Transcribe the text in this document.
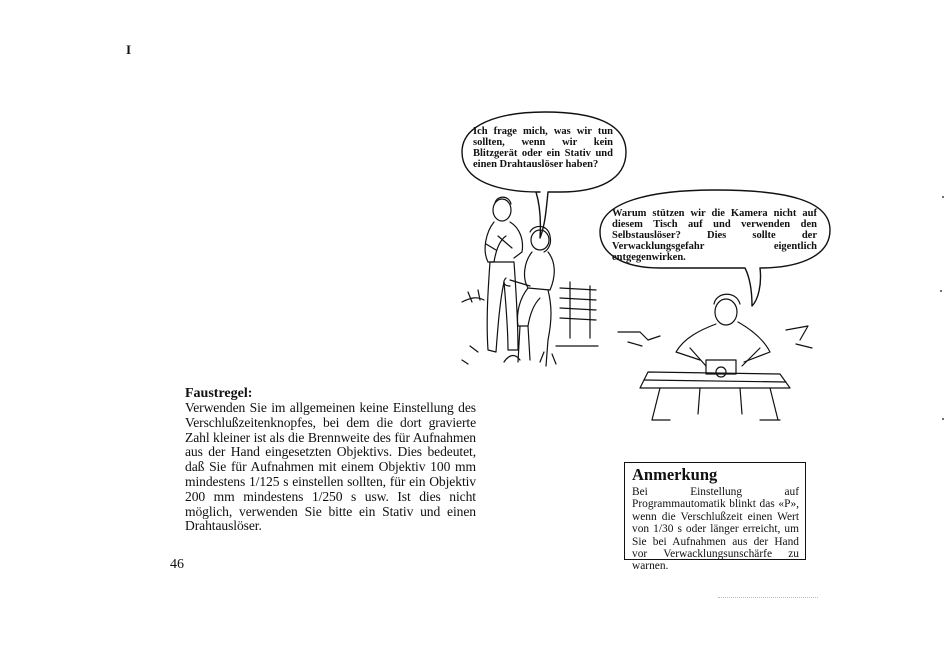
I
Ich frage mich, was wir tun sollten, wenn wir kein Blitzgerät oder ein Stativ und einen Drahtauslöser haben?
Warum stützen wir die Kamera nicht auf diesem Tisch auf und verwenden den Selbstauslöser? Dies sollte der Verwacklungsgefahr eigentlich entgegenwirken.
Faustregel:
Verwenden Sie im allgemeinen keine Einstellung des Verschlußzeitenknopfes, bei dem die dort gravierte Zahl kleiner ist als die Brennweite des für Aufnahmen aus der Hand eingesetzten Objektivs. Dies bedeutet, daß Sie für Aufnahmen mit einem Objektiv 100 mm mindestens 1/125 s einstellen sollten, für ein Objektiv 200 mm mindestens 1/250 s usw. Ist dies nicht möglich, verwenden Sie bitte ein Stativ und einen Drahtauslöser.
46
Anmerkung
Bei Einstellung auf Programmautomatik blinkt das «P», wenn die Verschlußzeit einen Wert von 1/30 s oder länger erreicht, um Sie bei Aufnahmen aus der Hand vor Verwacklungsunschärfe zu warnen.
